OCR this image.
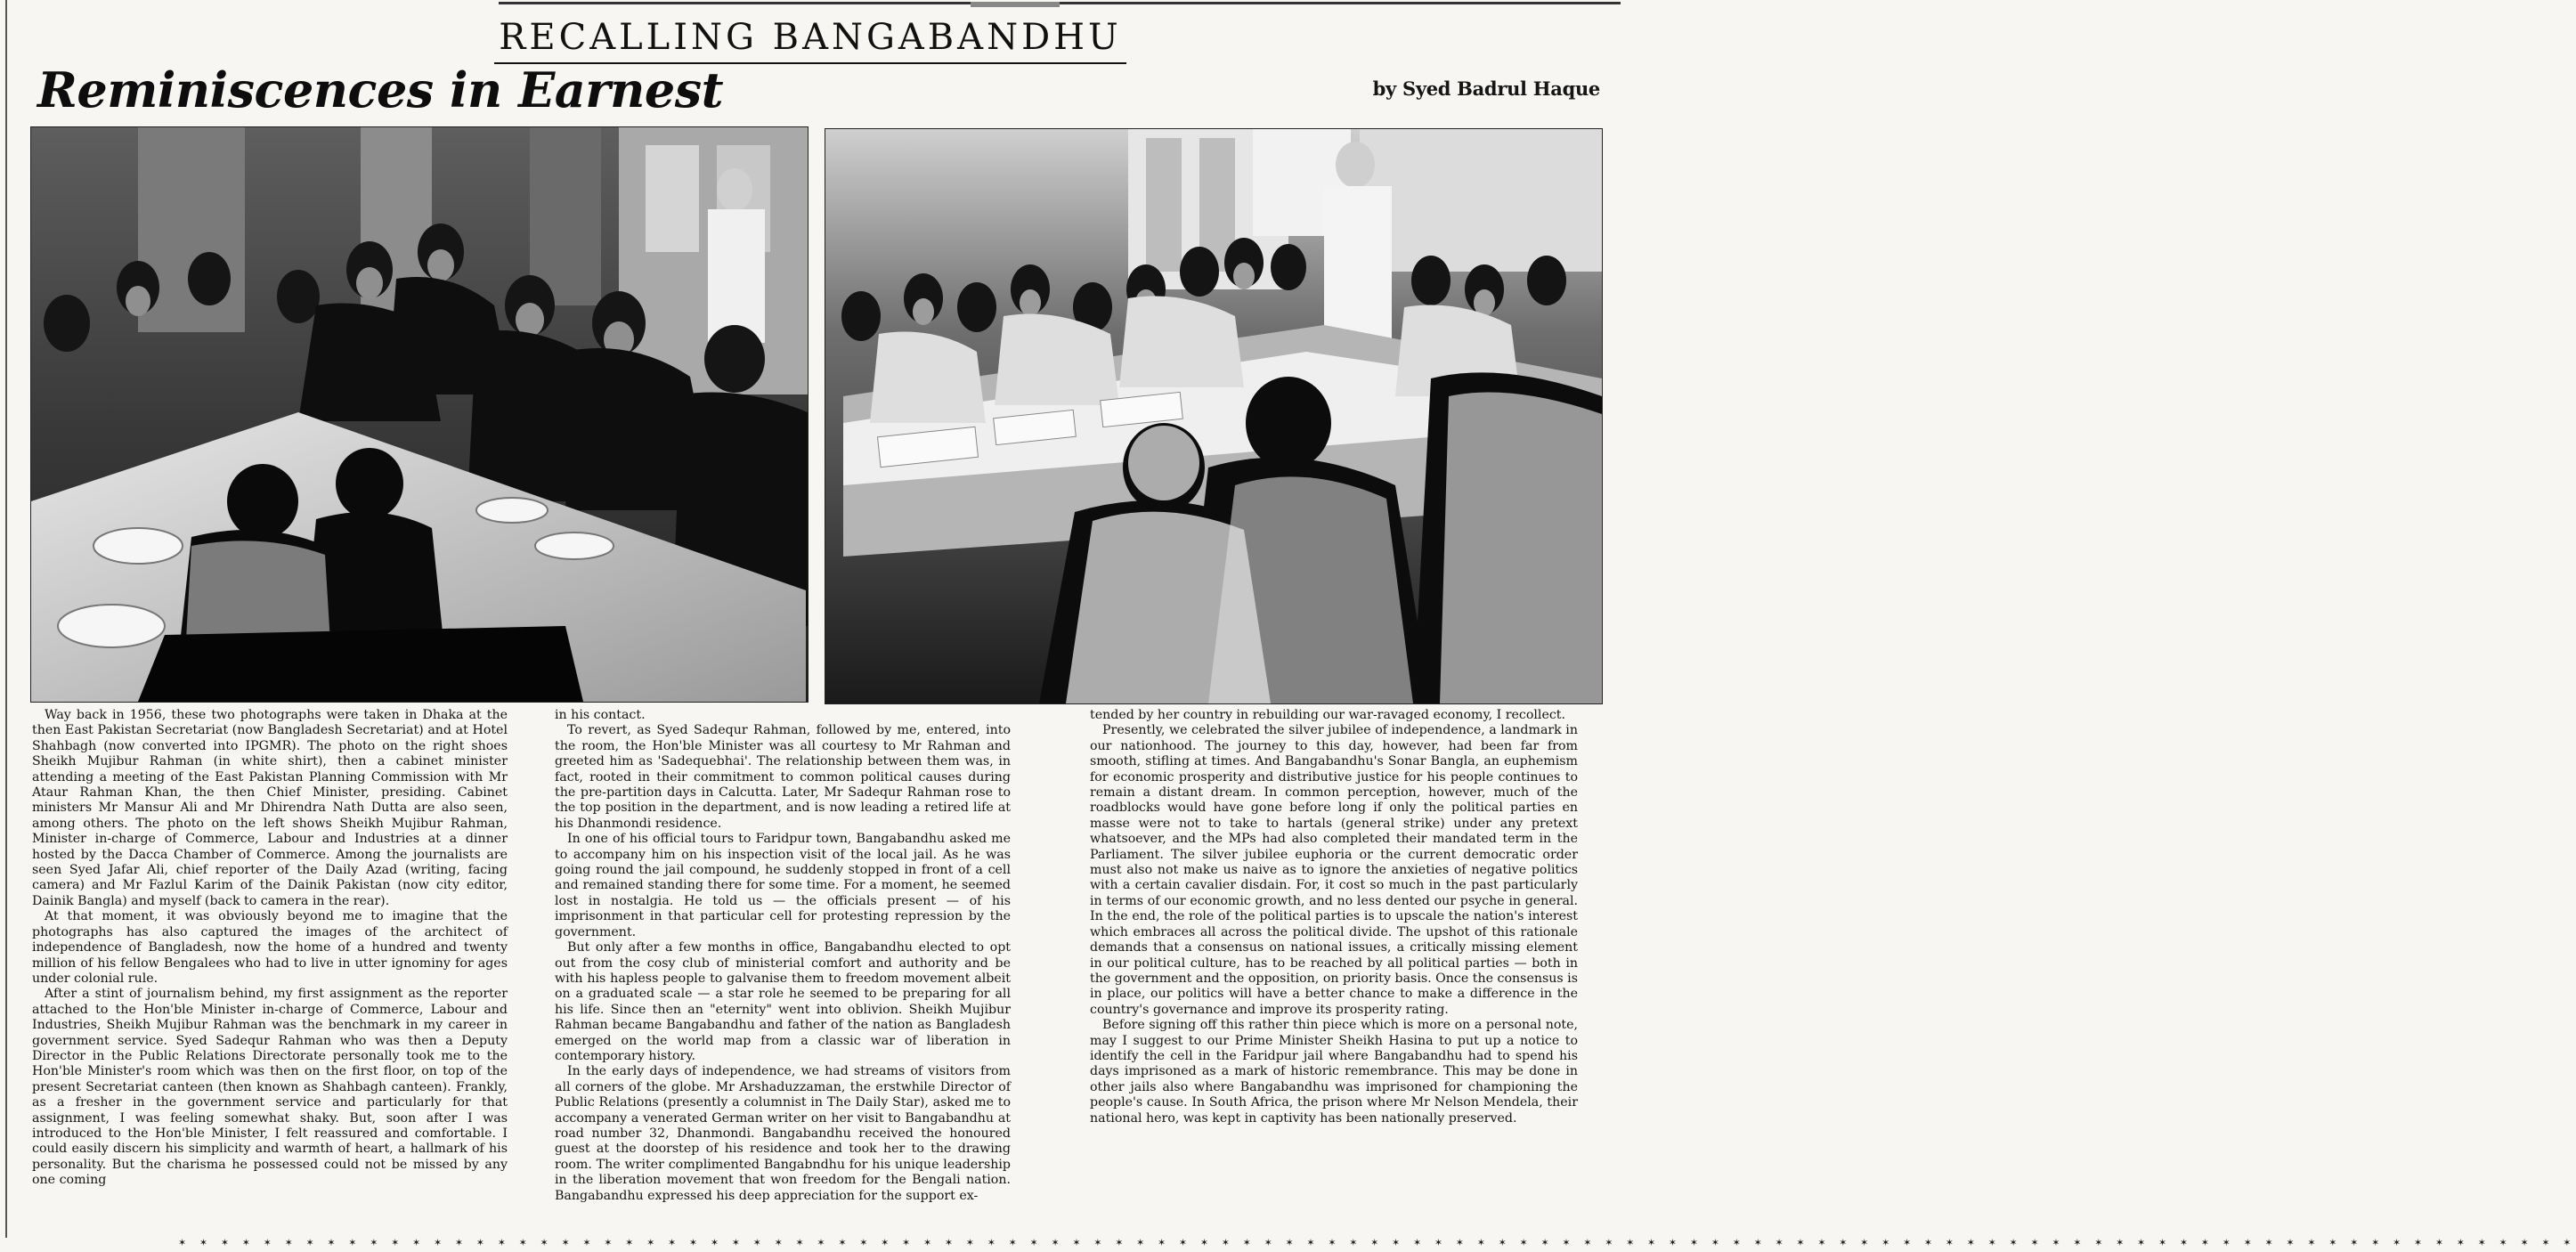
RECALLING BANGABANDHU
Reminiscences in Earnest	by Syed Badrul Haque

Way back in 1956, these two photographs were taken in Dhaka at the then East Pakistan Secretariat (now Bangladesh Secretariat) and at Hotel Shahbagh (now converted into IPGMR). The photo on the right shoes Sheikh Mujibur Rahman (in white shirt), then a cabinet minister attending a meeting of the East Pakistan Planning Commission with Mr Ataur Rahman Khan, the then Chief Minister, presiding. Cabinet ministers Mr Mansur Ali and Mr Dhirendra Nath Dutta are also seen, among others. The photo on the left shows Sheikh Mujibur Rahman, Minister in-charge of Commerce, Labour and Industries at a dinner hosted by the Dacca Chamber of Commerce. Among the journalists are seen Syed Jafar Ali, chief reporter of the Daily Azad (writing, facing camera) and Mr Fazlul Karim of the Dainik Pakistan (now city editor, Dainik Bangla) and myself (back to camera in the rear).

At that moment, it was obviously beyond me to imagine that the photographs has also captured the images of the architect of independence of Bangladesh, now the home of a hundred and twenty million of his fellow Bengalees who had to live in utter ignominy for ages under colonial rule.

After a stint of journalism behind, my first assignment as the reporter attached to the Hon'ble Minister in-charge of Commerce, Labour and Industries, Sheikh Mujibur Rahman was the benchmark in my career in government service. Syed Sadequr Rahman who was then a Deputy Director in the Public Relations Directorate personally took me to the Hon'ble Minister's room which was then on the first floor, on top of the present Secretariat canteen (then known as Shahbagh canteen). Frankly, as a fresher in the government service and particularly for that assignment, I was feeling somewhat shaky. But, soon after I was introduced to the Hon'ble Minister, I felt reassured and comfortable. I could easily discern his simplicity and warmth of heart, a hallmark of his personality. But the charisma he possessed could not be missed by any one coming

in his contact.

To revert, as Syed Sadequr Rahman, followed by me, entered, into the room, the Hon'ble Minister was all courtesy to Mr Rahman and greeted him as 'Sadequebhai'. The relationship between them was, in fact, rooted in their commitment to common political causes during the pre-partition days in Calcutta. Later, Mr Sadequr Rahman rose to the top position in the department, and is now leading a retired life at his Dhanmondi residence.

In one of his official tours to Faridpur town, Bangabandhu asked me to accompany him on his inspection visit of the local jail. As he was going round the jail compound, he suddenly stopped in front of a cell and remained standing there for some time. For a moment, he seemed lost in nostalgia. He told us — the officials present — of his imprisonment in that particular cell for protesting repression by the government.

But only after a few months in office, Bangabandhu elected to opt out from the cosy club of ministerial comfort and authority and be with his hapless people to galvanise them to freedom movement albeit on a graduated scale — a star role he seemed to be preparing for all his life. Since then an "eternity" went into oblivion. Sheikh Mujibur Rahman became Bangabandhu and father of the nation as Bangladesh emerged on the world map from a classic war of liberation in contemporary history.

In the early days of independence, we had streams of visitors from all corners of the globe. Mr Arshaduzzaman, the erstwhile Director of Public Relations (presently a columnist in The Daily Star), asked me to accompany a venerated German writer on her visit to Bangabandhu at road number 32, Dhanmondi. Bangabandhu received the honoured guest at the doorstep of his residence and took her to the drawing room. The writer complimented Bangabndhu for his unique leadership in the liberation movement that won freedom for the Bengali nation. Bangabandhu expressed his deep appreciation for the support ex-

tended by her country in rebuilding our war-ravaged economy, I recollect.

Presently, we celebrated the silver jubilee of independence, a landmark in our nationhood. The journey to this day, however, had been far from smooth, stifling at times. And Bangabandhu's Sonar Bangla, an euphemism for economic prosperity and distributive justice for his people continues to remain a distant dream. In common perception, however, much of the roadblocks would have gone before long if only the political parties en masse were not to take to hartals (general strike) under any pretext whatsoever, and the MPs had also completed their mandated term in the Parliament. The silver jubilee euphoria or the current democratic order must also not make us naive as to ignore the anxieties of negative politics with a certain cavalier disdain. For, it cost so much in the past particularly in terms of our economic growth, and no less dented our psyche in general. In the end, the role of the political parties is to upscale the nation's interest which embraces all across the political divide. The upshot of this rationale demands that a consensus on national issues, a critically missing element in our political culture, has to be reached by all political parties — both in the government and the opposition, on priority basis. Once the consensus is in place, our politics will have a better chance to make a difference in the country's governance and improve its prosperity rating.

Before signing off this rather thin piece which is more on a personal note, may I suggest to our Prime Minister Sheikh Hasina to put up a notice to identify the cell in the Faridpur jail where Bangabandhu had to spend his days imprisoned as a mark of historic remembrance. This may be done in other jails also where Bangabandhu was imprisoned for championing the people's cause. In South Africa, the prison where Mr Nelson Mendela, their national hero, was kept in captivity has been nationally preserved.

✶ ✶ ✶ ✶ ✶ ✶ ✶ ✶ ✶ ✶ ✶ ✶ ✶ ✶ ✶ ✶ ✶ ✶ ✶ ✶ ✶ ✶ ✶ ✶ ✶ ✶ ✶ ✶ ✶ ✶ ✶ ✶ ✶ ✶ ✶ ✶ ✶ ✶ ✶ ✶ ✶ ✶ ✶ ✶ ✶ ✶ ✶ ✶ ✶ ✶ ✶ ✶ ✶ ✶ ✶ ✶ ✶ ✶ ✶ ✶ ✶ ✶ ✶ ✶ ✶ ✶ ✶ ✶ ✶ ✶ ✶ ✶ ✶ ✶ ✶ ✶ ✶ ✶ ✶ ✶ ✶ ✶ ✶ ✶ ✶ ✶ ✶ ✶ ✶ ✶ ✶ ✶ ✶ ✶ ✶ ✶ ✶ ✶ ✶ ✶ ✶ ✶ ✶ ✶ ✶ ✶ ✶ ✶ ✶ ✶ ✶ ✶ ✶
